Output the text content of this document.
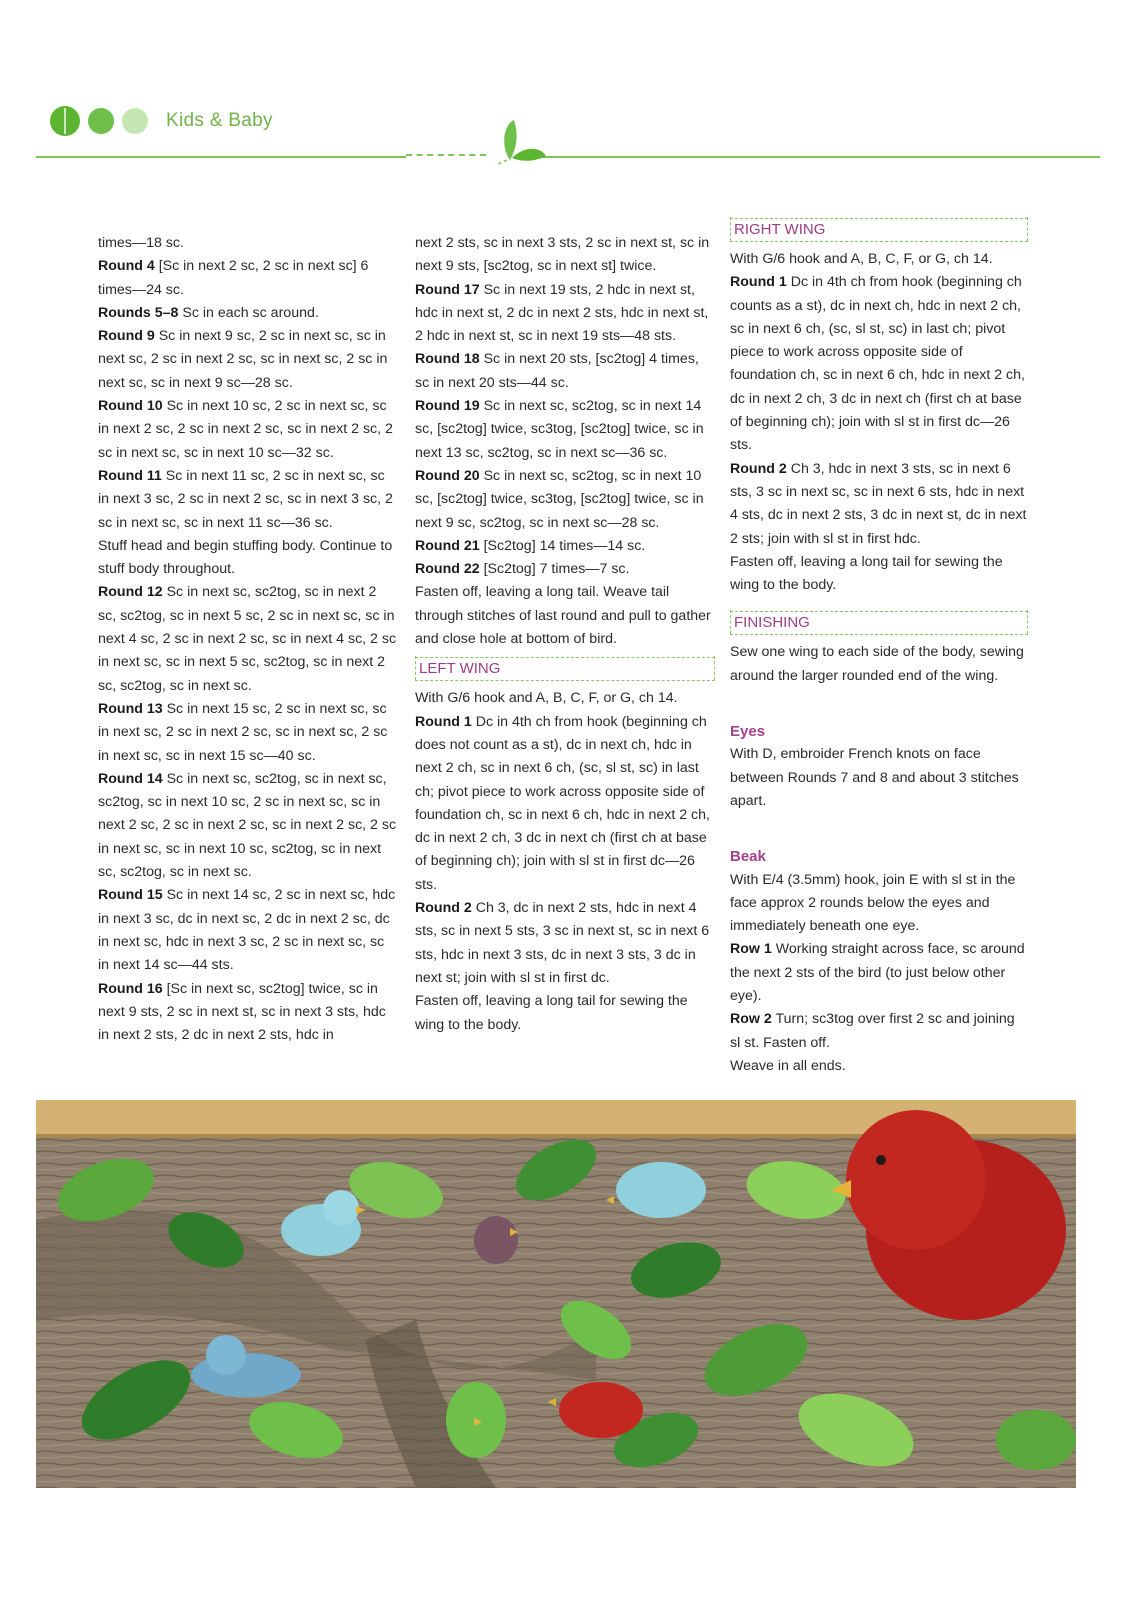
Kids & Baby

times—18 sc.

Round 4 [Sc in next 2 sc, 2 sc in next sc] 6 times—24 sc.

Rounds 5–8 Sc in each sc around.

Round 9 Sc in next 9 sc, 2 sc in next sc, sc in next sc, 2 sc in next 2 sc, sc in next sc, 2 sc in next sc, sc in next 9 sc—28 sc.

Round 10 Sc in next 10 sc, 2 sc in next sc, sc in next 2 sc, 2 sc in next 2 sc, sc in next 2 sc, 2 sc in next sc, sc in next 10 sc—32 sc.

Round 11 Sc in next 11 sc, 2 sc in next sc, sc in next 3 sc, 2 sc in next 2 sc, sc in next 3 sc, 2 sc in next sc, sc in next 11 sc—36 sc.

Stuff head and begin stuffing body. Continue to stuff body throughout.

Round 12 Sc in next sc, sc2tog, sc in next 2 sc, sc2tog, sc in next 5 sc, 2 sc in next sc, sc in next 4 sc, 2 sc in next 2 sc, sc in next 4 sc, 2 sc in next sc, sc in next 5 sc, sc2tog, sc in next 2 sc, sc2tog, sc in next sc.

Round 13 Sc in next 15 sc, 2 sc in next sc, sc in next sc, 2 sc in next 2 sc, sc in next sc, 2 sc in next sc, sc in next 15 sc—40 sc.

Round 14 Sc in next sc, sc2tog, sc in next sc, sc2tog, sc in next 10 sc, 2 sc in next sc, sc in next 2 sc, 2 sc in next 2 sc, sc in next 2 sc, 2 sc in next sc, sc in next 10 sc, sc2tog, sc in next sc, sc2tog, sc in next sc.

Round 15 Sc in next 14 sc, 2 sc in next sc, hdc in next 3 sc, dc in next sc, 2 dc in next 2 sc, dc in next sc, hdc in next 3 sc, 2 sc in next sc, sc in next 14 sc—44 sts.

Round 16 [Sc in next sc, sc2tog] twice, sc in next 9 sts, 2 sc in next st, sc in next 3 sts, hdc in next 2 sts, 2 dc in next 2 sts, hdc in

next 2 sts, sc in next 3 sts, 2 sc in next st, sc in next 9 sts, [sc2tog, sc in next st] twice.

Round 17 Sc in next 19 sts, 2 hdc in next st, hdc in next st, 2 dc in next 2 sts, hdc in next st, 2 hdc in next st, sc in next 19 sts—48 sts.

Round 18 Sc in next 20 sts, [sc2tog] 4 times, sc in next 20 sts—44 sc.

Round 19 Sc in next sc, sc2tog, sc in next 14 sc, [sc2tog] twice, sc3tog, [sc2tog] twice, sc in next 13 sc, sc2tog, sc in next sc—36 sc.

Round 20 Sc in next sc, sc2tog, sc in next 10 sc, [sc2tog] twice, sc3tog, [sc2tog] twice, sc in next 9 sc, sc2tog, sc in next sc—28 sc.

Round 21 [Sc2tog] 14 times—14 sc.

Round 22 [Sc2tog] 7 times—7 sc.

Fasten off, leaving a long tail. Weave tail through stitches of last round and pull to gather and close hole at bottom of bird.

LEFT WING

With G/6 hook and A, B, C, F, or G, ch 14.

Round 1 Dc in 4th ch from hook (beginning ch does not count as a st), dc in next ch, hdc in next 2 ch, sc in next 6 ch, (sc, sl st, sc) in last ch; pivot piece to work across opposite side of foundation ch, sc in next 6 ch, hdc in next 2 ch, dc in next 2 ch, 3 dc in next ch (first ch at base of beginning ch); join with sl st in first dc—26 sts.

Round 2 Ch 3, dc in next 2 sts, hdc in next 4 sts, sc in next 5 sts, 3 sc in next st, sc in next 6 sts, hdc in next 3 sts, dc in next 3 sts, 3 dc in next st; join with sl st in first dc.

Fasten off, leaving a long tail for sewing the wing to the body.

RIGHT WING

With G/6 hook and A, B, C, F, or G, ch 14.

Round 1 Dc in 4th ch from hook (beginning ch counts as a st), dc in next ch, hdc in next 2 ch, sc in next 6 ch, (sc, sl st, sc) in last ch; pivot piece to work across opposite side of foundation ch, sc in next 6 ch, hdc in next 2 ch, dc in next 2 ch, 3 dc in next ch (first ch at base of beginning ch); join with sl st in first dc—26 sts.

Round 2 Ch 3, hdc in next 3 sts, sc in next 6 sts, 3 sc in next sc, sc in next 6 sts, hdc in next 4 sts, dc in next 2 sts, 3 dc in next st, dc in next 2 sts; join with sl st in first hdc.

Fasten off, leaving a long tail for sewing the wing to the body.

FINISHING

Sew one wing to each side of the body, sewing around the larger rounded end of the wing.

Eyes

With D, embroider French knots on face between Rounds 7 and 8 and about 3 stitches apart.

Beak

With E/4 (3.5mm) hook, join E with sl st in the face approx 2 rounds below the eyes and immediately beneath one eye.

Row 1 Working straight across face, sc around the next 2 sts of the bird (to just below other eye).

Row 2 Turn; sc3tog over first 2 sc and joining sl st. Fasten off.

Weave in all ends.
